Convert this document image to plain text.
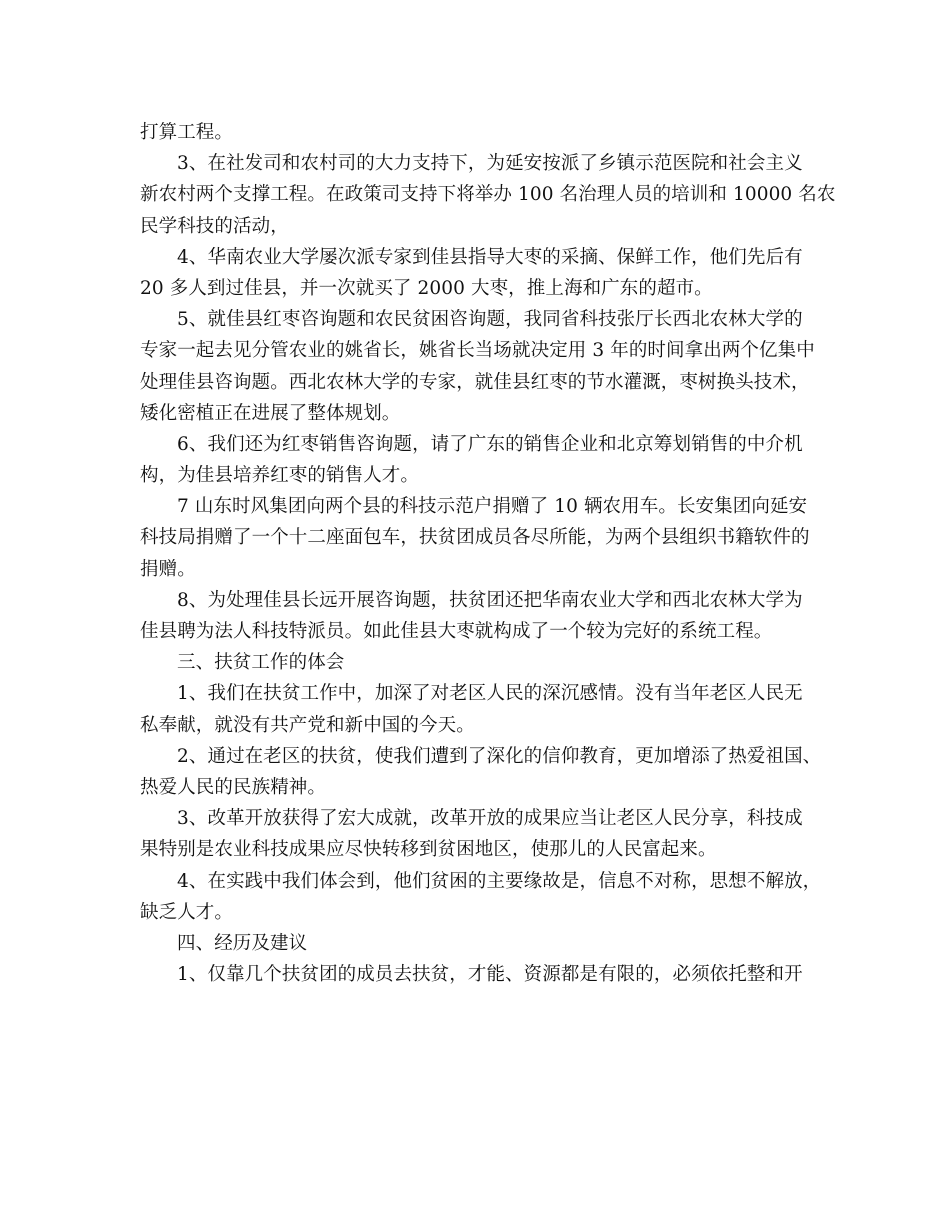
打算工程。
3、在社发司和农村司的大力支持下，为延安按派了乡镇示范医院和社会主义
新农村两个支撑工程。在政策司支持下将举办 100 名治理人员的培训和 10000 名农
民学科技的活动，
4、华南农业大学屡次派专家到佳县指导大枣的采摘、保鲜工作，他们先后有
20 多人到过佳县，并一次就买了 2000 大枣，推上海和广东的超市。
5、就佳县红枣咨询题和农民贫困咨询题，我同省科技张厅长西北农林大学的
专家一起去见分管农业的姚省长，姚省长当场就决定用 3 年的时间拿出两个亿集中
处理佳县咨询题。西北农林大学的专家，就佳县红枣的节水灌溉，枣树换头技术，
矮化密植正在进展了整体规划。
6、我们还为红枣销售咨询题，请了广东的销售企业和北京筹划销售的中介机
构，为佳县培养红枣的销售人才。
7 山东时风集团向两个县的科技示范户捐赠了 10 辆农用车。长安集团向延安
科技局捐赠了一个十二座面包车，扶贫团成员各尽所能，为两个县组织书籍软件的
捐赠。
8、为处理佳县长远开展咨询题，扶贫团还把华南农业大学和西北农林大学为
佳县聘为法人科技特派员。如此佳县大枣就构成了一个较为完好的系统工程。
三、扶贫工作的体会
1、我们在扶贫工作中，加深了对老区人民的深沉感情。没有当年老区人民无
私奉献，就没有共产党和新中国的今天。
2、通过在老区的扶贫，使我们遭到了深化的信仰教育，更加增添了热爱祖国、
热爱人民的民族精神。
3、改革开放获得了宏大成就，改革开放的成果应当让老区人民分享，科技成
果特别是农业科技成果应尽快转移到贫困地区，使那儿的人民富起来。
4、在实践中我们体会到，他们贫困的主要缘故是，信息不对称，思想不解放，
缺乏人才。
四、经历及建议
1、仅靠几个扶贫团的成员去扶贫，才能、资源都是有限的，必须依托整和开
